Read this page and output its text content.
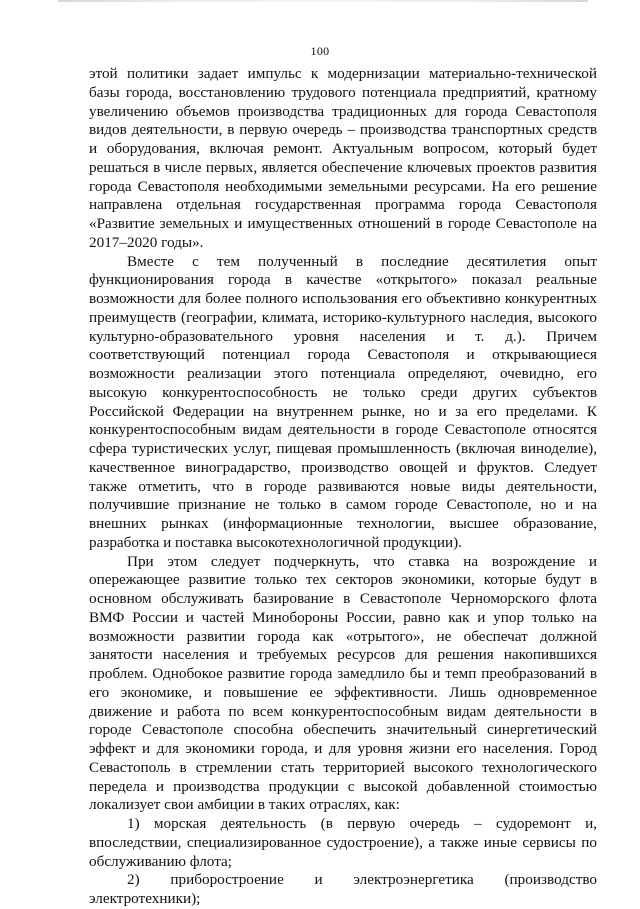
100

этой политики задает импульс к модернизации материально-технической базы города, восстановлению трудового потенциала предприятий, кратному увеличению объемов производства традиционных для города Севастополя видов деятельности, в первую очередь – производства транспортных средств и оборудования, включая ремонт. Актуальным вопросом, который будет решаться в числе первых, является обеспечение ключевых проектов развития города Севастополя необходимыми земельными ресурсами. На его решение направлена отдельная государственная программа города Севастополя «Развитие земельных и имущественных отношений в городе Севастополе на 2017–2020 годы».

Вместе с тем полученный в последние десятилетия опыт функционирования города в качестве «открытого» показал реальные возможности для более полного использования его объективно конкурентных преимуществ (географии, климата, историко-культурного наследия, высокого культурно-образовательного уровня населения и т. д.). Причем соответствующий потенциал города Севастополя и открывающиеся возможности реализации этого потенциала определяют, очевидно, его высокую конкурентоспособность не только среди других субъектов Российской Федерации на внутреннем рынке, но и за его пределами. К конкурентоспособным видам деятельности в городе Севастополе относятся сфера туристических услуг, пищевая промышленность (включая виноделие), качественное виноградарство, производство овощей и фруктов. Следует также отметить, что в городе развиваются новые виды деятельности, получившие признание не только в самом городе Севастополе, но и на внешних рынках (информационные технологии, высшее образование, разработка и поставка высокотехнологичной продукции).

При этом следует подчеркнуть, что ставка на возрождение и опережающее развитие только тех секторов экономики, которые будут в основном обслуживать базирование в Севастополе Черноморского флота ВМФ России и частей Минобороны России, равно как и упор только на возможности развитии города как «отрытого», не обеспечат должной занятости населения и требуемых ресурсов для решения накопившихся проблем. Однобокое развитие города замедлило бы и темп преобразований в его экономике, и повышение ее эффективности. Лишь одновременное движение и работа по всем конкурентоспособным видам деятельности в городе Севастополе способна обеспечить значительный синергетический эффект и для экономики города, и для уровня жизни его населения. Город Севастополь в стремлении стать территорией высокого технологического передела и производства продукции с высокой добавленной стоимостью локализует свои амбиции в таких отраслях, как:

1) морская деятельность (в первую очередь – судоремонт и, впоследствии, специализированное судостроение), а также иные сервисы по обслуживанию флота;

2) приборостроение и электроэнергетика (производство электротехники);
